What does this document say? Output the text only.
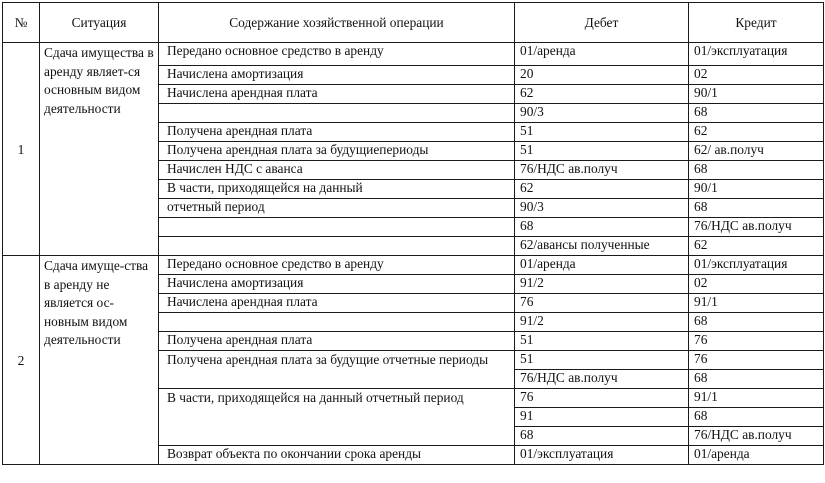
№	Ситуация	Содержание хозяйственной операции	Дебет	Кредит
1	Сдача имущества в аренду являет-ся основным видом деятельности	Передано основное средство в аренду	01/аренда	01/эксплуатация
		Начислена амортизация	20	02
		Начислена арендная плата	62	90/1
			90/3	68
		Получена арендная плата	51	62
		Получена арендная плата за будущиепериоды	51	62/ ав.получ
		Начислен НДС с аванса	76/НДС ав.получ	68
		В части, приходящейся на данный	62	90/1
		отчетный период	90/3	68
			68	76/НДС ав.получ
			62/авансы полученные	62
2	Сдача имуще-ства в аренду не является ос-новным видом деятельности	Передано основное средство в аренду	01/аренда	01/эксплуатация
		Начислена амортизация	91/2	02
		Начислена арендная плата	76	91/1
			91/2	68
		Получена арендная плата	51	76
		Получена арендная плата за будущие отчетные периоды	51	76
			76/НДС ав.получ	68
		В части, приходящейся на данный отчетный период	76	91/1
			91	68
			68	76/НДС ав.получ
		Возврат объекта по окончании срока аренды	01/эксплуатация	01/аренда
